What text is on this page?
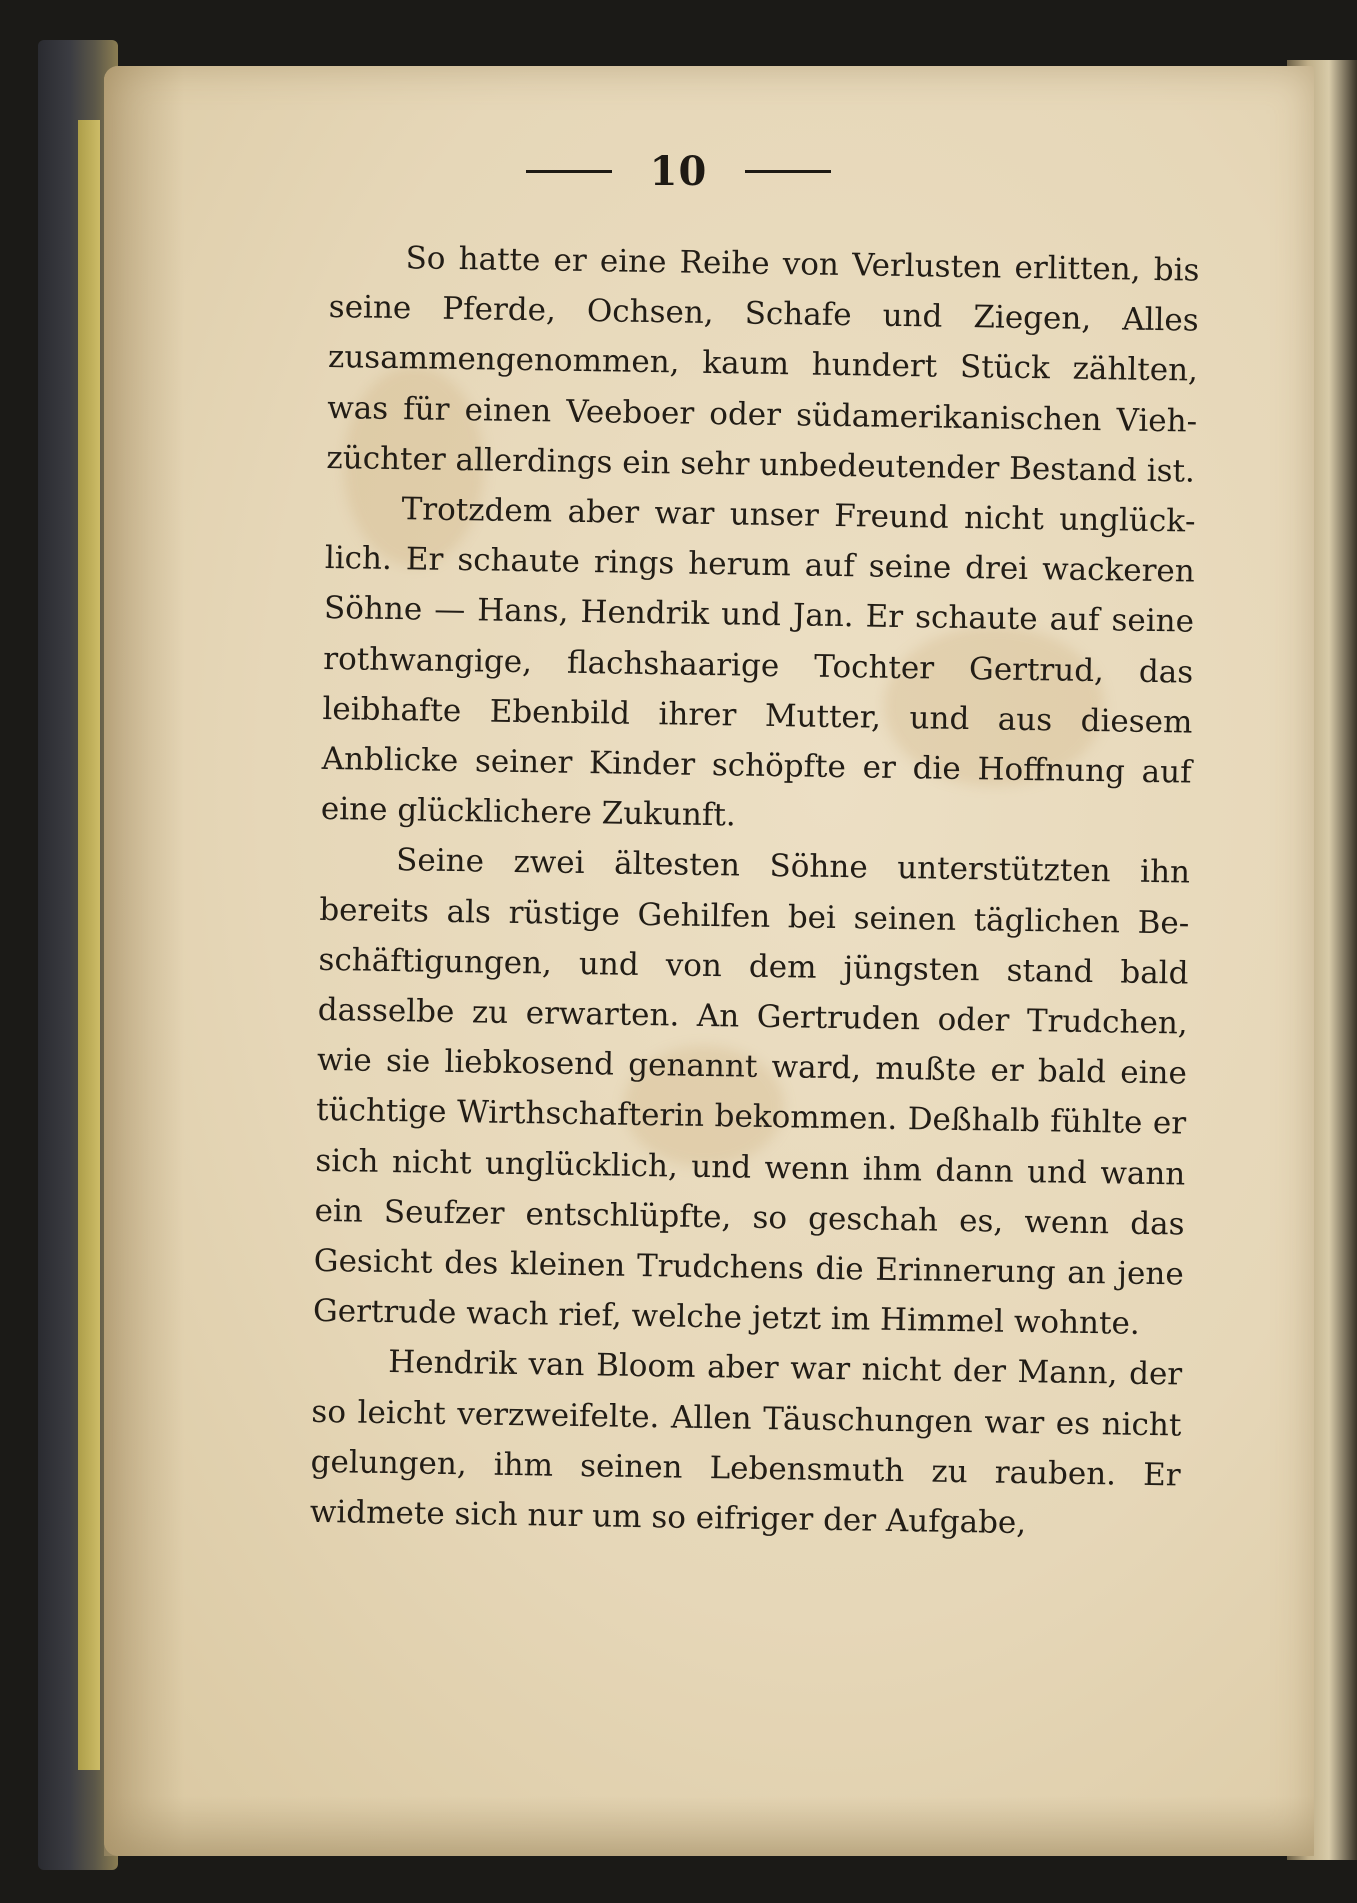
10

So hatte er eine Reihe von Verlusten erlitten, bis seine Pferde, Ochsen, Schafe und Ziegen, Alles zusammengenommen, kaum hundert Stück zählten, was für einen Veeboer oder südamerikanischen Viehzüchter allerdings ein sehr unbedeutender Bestand ist.

Trotzdem aber war unser Freund nicht unglücklich. Er schaute rings herum auf seine drei wackeren Söhne — Hans, Hendrik und Jan. Er schaute auf seine rothwangige, flachshaarige Tochter Gertrud, das leibhafte Ebenbild ihrer Mutter, und aus diesem Anblicke seiner Kinder schöpfte er die Hoffnung auf eine glücklichere Zukunft.

Seine zwei ältesten Söhne unterstützten ihn bereits als rüstige Gehilfen bei seinen täglichen Beschäftigungen, und von dem jüngsten stand bald dasselbe zu erwarten. An Gertruden oder Trudchen, wie sie liebkosend genannt ward, mußte er bald eine tüchtige Wirthschafterin bekommen. Deßhalb fühlte er sich nicht unglücklich, und wenn ihm dann und wann ein Seufzer entschlüpfte, so geschah es, wenn das Gesicht des kleinen Trudchens die Erinnerung an jene Gertrude wach rief, welche jetzt im Himmel wohnte.

Hendrik van Bloom aber war nicht der Mann, der so leicht verzweifelte. Allen Täuschungen war es nicht gelungen, ihm seinen Lebensmuth zu rauben. Er widmete sich nur um so eifriger der Aufgabe,
